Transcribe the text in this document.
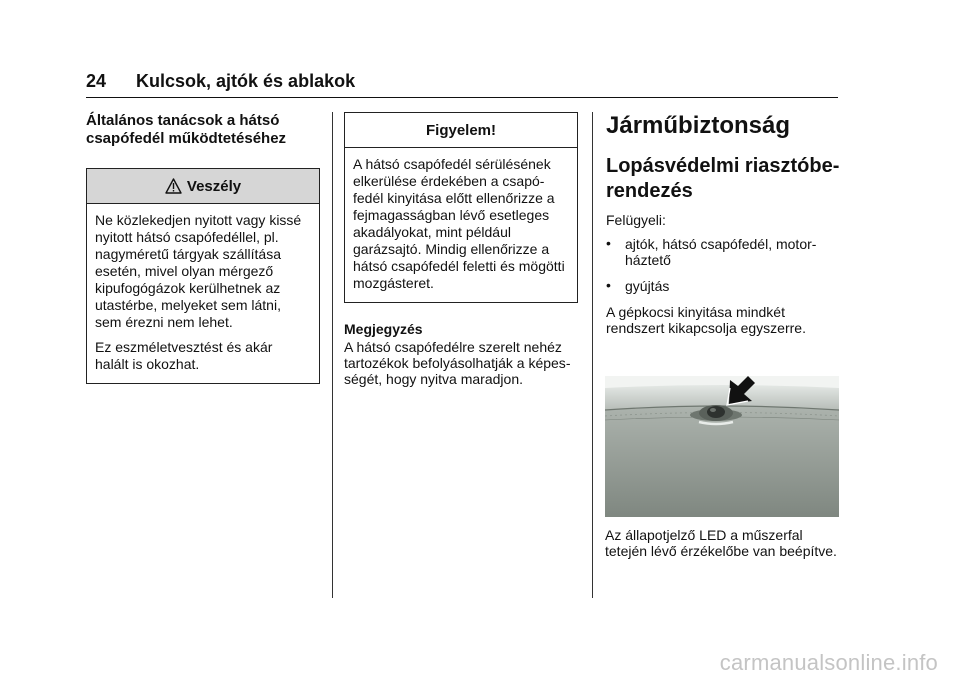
24 Kulcsok, ajtók és ablakok
Általános tanácsok a hátsó
csapófedél működtetéséhez
Veszély

Ne közlekedjen nyitott vagy kissé nyitott hátsó csapófedéllel, pl. nagyméretű tárgyak szállítása esetén, mivel olyan mérgező kipufogógázok kerülhetnek az utastérbe, melyeket sem látni, sem érezni nem lehet.

Ez eszméletvesztést és akár halált is okozhat.

Figyelem!

A hátsó csapófedél sérülésének elkerülése érdekében a csapófedél kinyitása előtt ellenőrizze a fejmagasságban lévő esetleges akadályokat, mint például garázsajtó. Mindig ellenőrizze a hátsó csapófedél feletti és mögötti mozgásteret.

Megjegyzés
A hátsó csapófedélre szerelt nehéz tartozékok befolyásolhatják a képességét, hogy nyitva maradjon.
Járműbiztonság
Lopásvédelmi riasztóbe-
rendezés
Felügyeli:
• ajtók, hátsó csapófedél, motorháztető
• gyújtás
A gépkocsi kinyitása mindkét rendszert kikapcsolja egyszerre.
Az állapotjelző LED a műszerfal tetején lévő érzékelőbe van beépítve.
carmanualsonline.info
